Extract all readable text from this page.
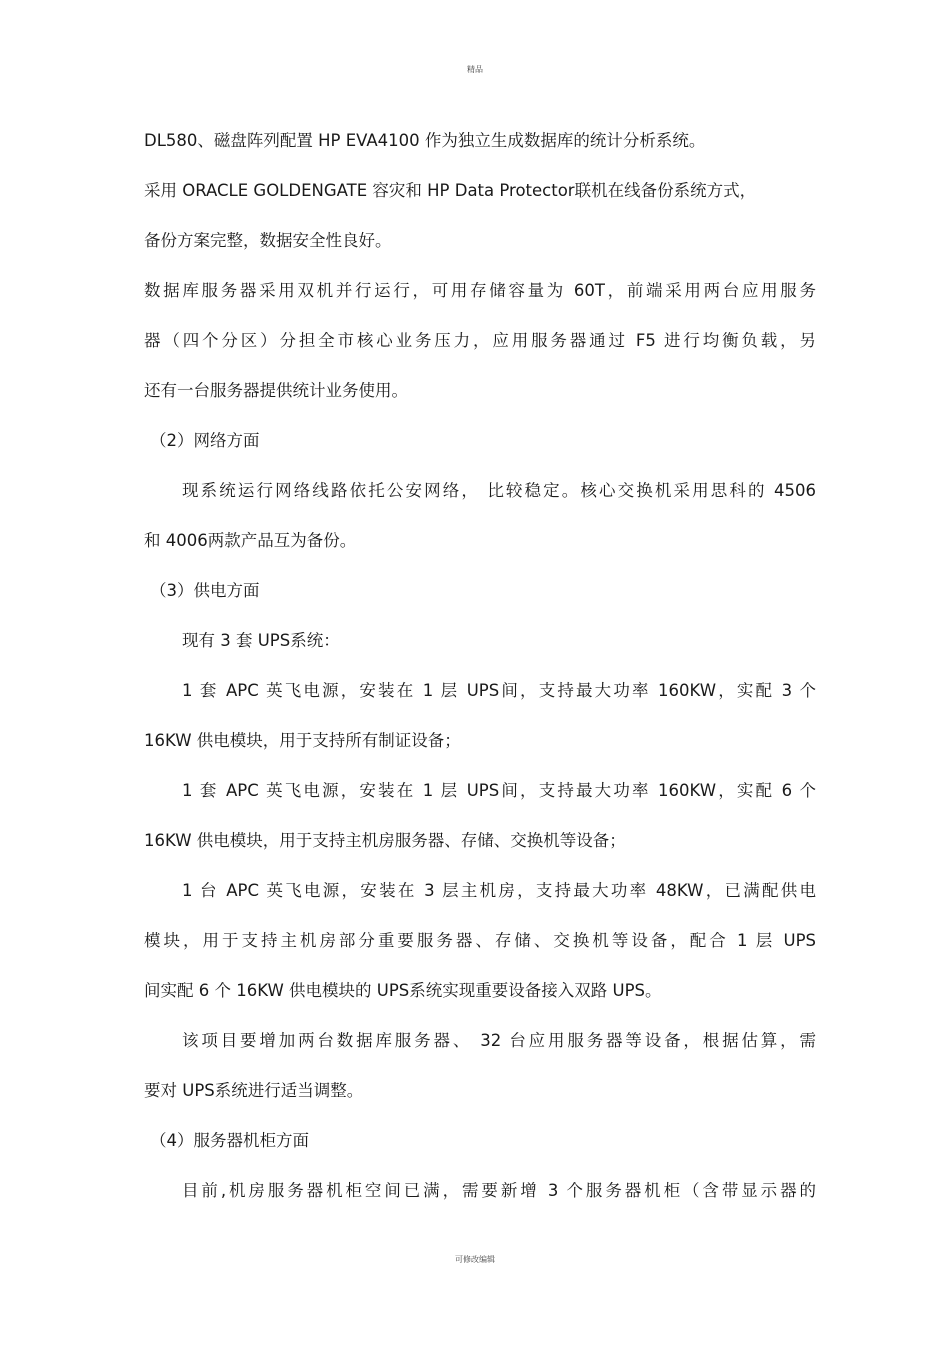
精品
DL580、磁盘阵列配置 HP EVA4100 作为独立生成数据库的统计分析系统。
采用 ORACLE GOLDENGATE 容灾和 HP Data Protector联机在线备份系统方式，
备份方案完整，数据安全性良好。
数据库服务器采用双机并行运行，可用存储容量为 60T，前端采用两台应用服务
器（四个分区）分担全市核心业务压力，应用服务器通过 F5 进行均衡负载，另
还有一台服务器提供统计业务使用。
（2）网络方面
现系统运行网络线路依托公安网络， 比较稳定。核心交换机采用思科的 4506
和 4006两款产品互为备份。
（3）供电方面
现有 3 套 UPS系统：
1 套 APC 英飞电源，安装在 1 层 UPS间，支持最大功率 160KW，实配 3 个
16KW 供电模块，用于支持所有制证设备；
1 套 APC 英飞电源，安装在 1 层 UPS间，支持最大功率 160KW，实配 6 个
16KW 供电模块，用于支持主机房服务器、存储、交换机等设备；
1 台 APC 英飞电源，安装在 3 层主机房，支持最大功率 48KW，已满配供电
模块，用于支持主机房部分重要服务器、存储、交换机等设备，配合 1 层 UPS
间实配 6 个 16KW 供电模块的 UPS系统实现重要设备接入双路 UPS。
该项目要增加两台数据库服务器、 32 台应用服务器等设备，根据估算，需
要对 UPS系统进行适当调整。
（4）服务器机柜方面
目前,机房服务器机柜空间已满，需要新增 3 个服务器机柜（含带显示器的
可修改编辑
